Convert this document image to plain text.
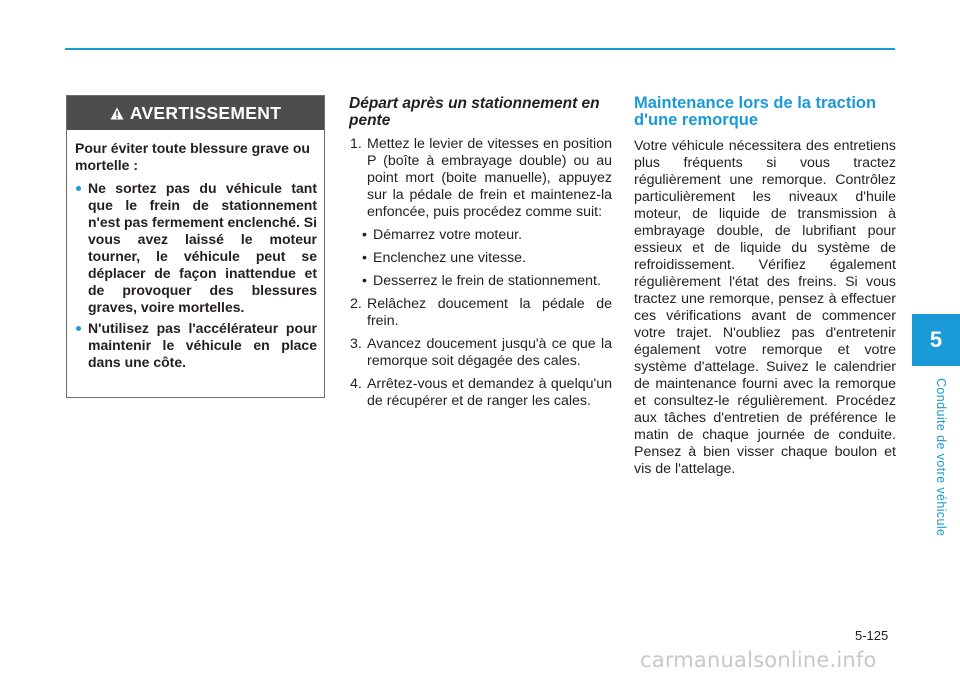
5
Conduite de votre véhicule
AVERTISSEMENT

Pour éviter toute blessure grave ou mortelle :

Ne sortez pas du véhicule tant que le frein de stationnement n'est pas fermement enclenché. Si vous avez laissé le moteur tourner, le véhicule peut se déplacer de façon inattendue et de provoquer des blessures graves, voire mortelles.
N'utilisez pas l'accélérateur pour maintenir le véhicule en place dans une côte.
Départ après un stationnement en pente
1. Mettez le levier de vitesses en position P (boîte à embrayage double) ou au point mort (boite manuelle), appuyez sur la pédale de frein et maintenez-la enfoncée, puis procédez comme suit:
• Démarrez votre moteur.
• Enclenchez une vitesse.
• Desserrez le frein de stationnement.
2. Relâchez doucement la pédale de frein.
3. Avancez doucement jusqu'à ce que la remorque soit dégagée des cales.
4. Arrêtez-vous et demandez à quelqu'un de récupérer et de ranger les cales.
Maintenance lors de la traction d'une remorque

Votre véhicule nécessitera des entretiens plus fréquents si vous tractez régulièrement une remorque. Contrôlez particulièrement les niveaux d'huile moteur, de liquide de transmission à embrayage double, de lubrifiant pour essieux et de liquide du système de refroidissement. Vérifiez également régulièrement l'état des freins. Si vous tractez une remorque, pensez à effectuer ces vérifications avant de commencer votre trajet. N'oubliez pas d'entretenir également votre remorque et votre système d'attelage. Suivez le calendrier de maintenance fourni avec la remorque et consultez-le régulièrement. Procédez aux tâches d'entretien de préférence le matin de chaque journée de conduite. Pensez à bien visser chaque boulon et vis de l'attelage.

5-125
carmanualsonline.info
